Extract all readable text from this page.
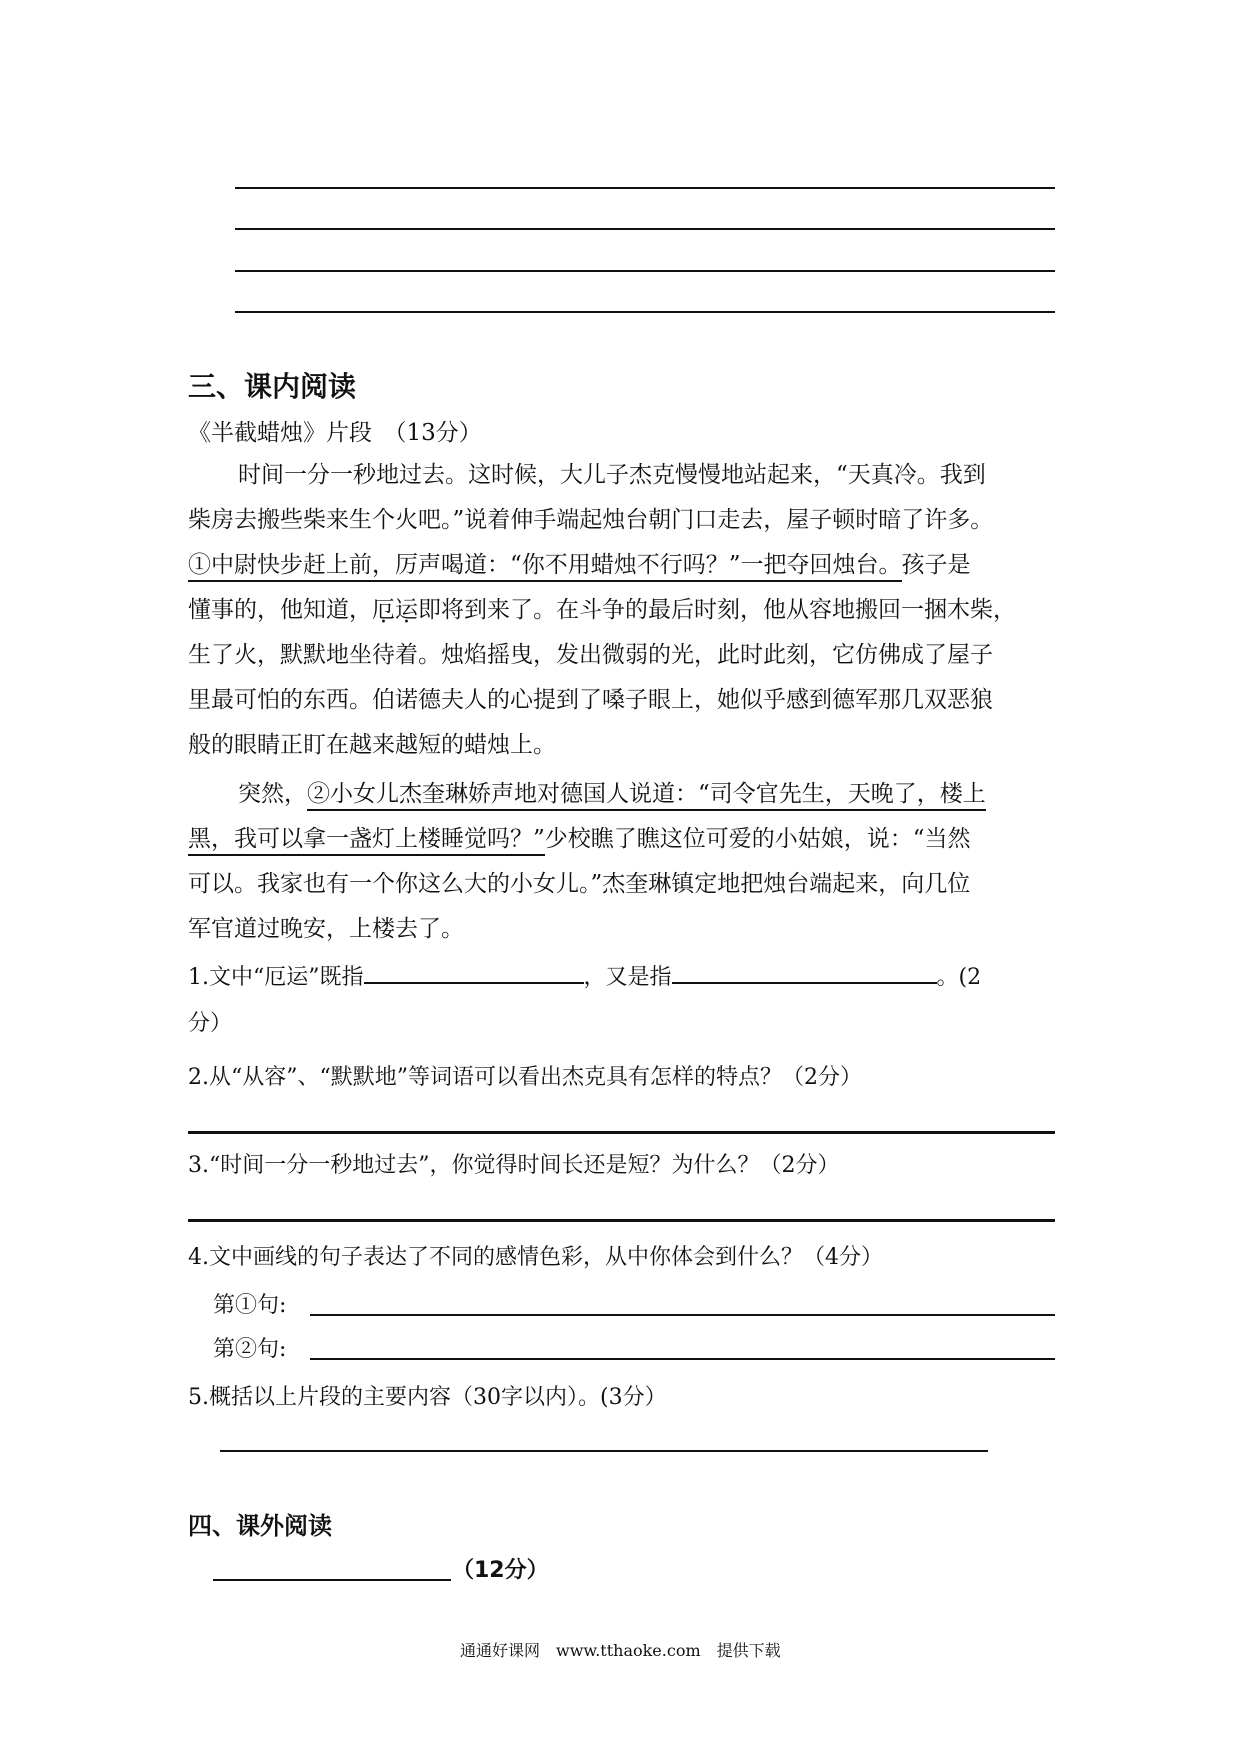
三、课内阅读
《半截蜡烛》片段　（13分）
时间一分一秒地过去。这时候，大儿子杰克慢慢地站起来，“天真冷。我到
柴房去搬些柴来生个火吧。”说着伸手端起烛台朝门口走去，屋子顿时暗了许多。
①中尉快步赶上前，厉声喝道：“你不用蜡烛不行吗？”一把夺回烛台。孩子是
懂事的，他知道，厄运即将到来了。在斗争的最后时刻，他从容地搬回一捆木柴，
生了火，默默地坐待着。烛焰摇曳，发出微弱的光，此时此刻，它仿佛成了屋子
里最可怕的东西。伯诺德夫人的心提到了嗓子眼上，她似乎感到德军那几双恶狼
般的眼睛正盯在越来越短的蜡烛上。
突然，②小女儿杰奎琳娇声地对德国人说道：“司令官先生，天晚了，楼上
黑，我可以拿一盏灯上楼睡觉吗？”少校瞧了瞧这位可爱的小姑娘，说：“当然
可以。我家也有一个你这么大的小女儿。”杰奎琳镇定地把烛台端起来，向几位
军官道过晚安，上楼去了。
1.文中“厄运”既指	，又是指	。(2
分）
2.从“从容”、“默默地”等词语可以看出杰克具有怎样的特点？（2分）
3.“时间一分一秒地过去”，你觉得时间长还是短？为什么？（2分）
4.文中画线的句子表达了不同的感情色彩，从中你体会到什么？（4分）
第①句:
第②句:
5.概括以上片段的主要内容（30字以内）。(3分）
四、课外阅读
（12分）
通通好课网　www.tthaoke.com　提供下载
